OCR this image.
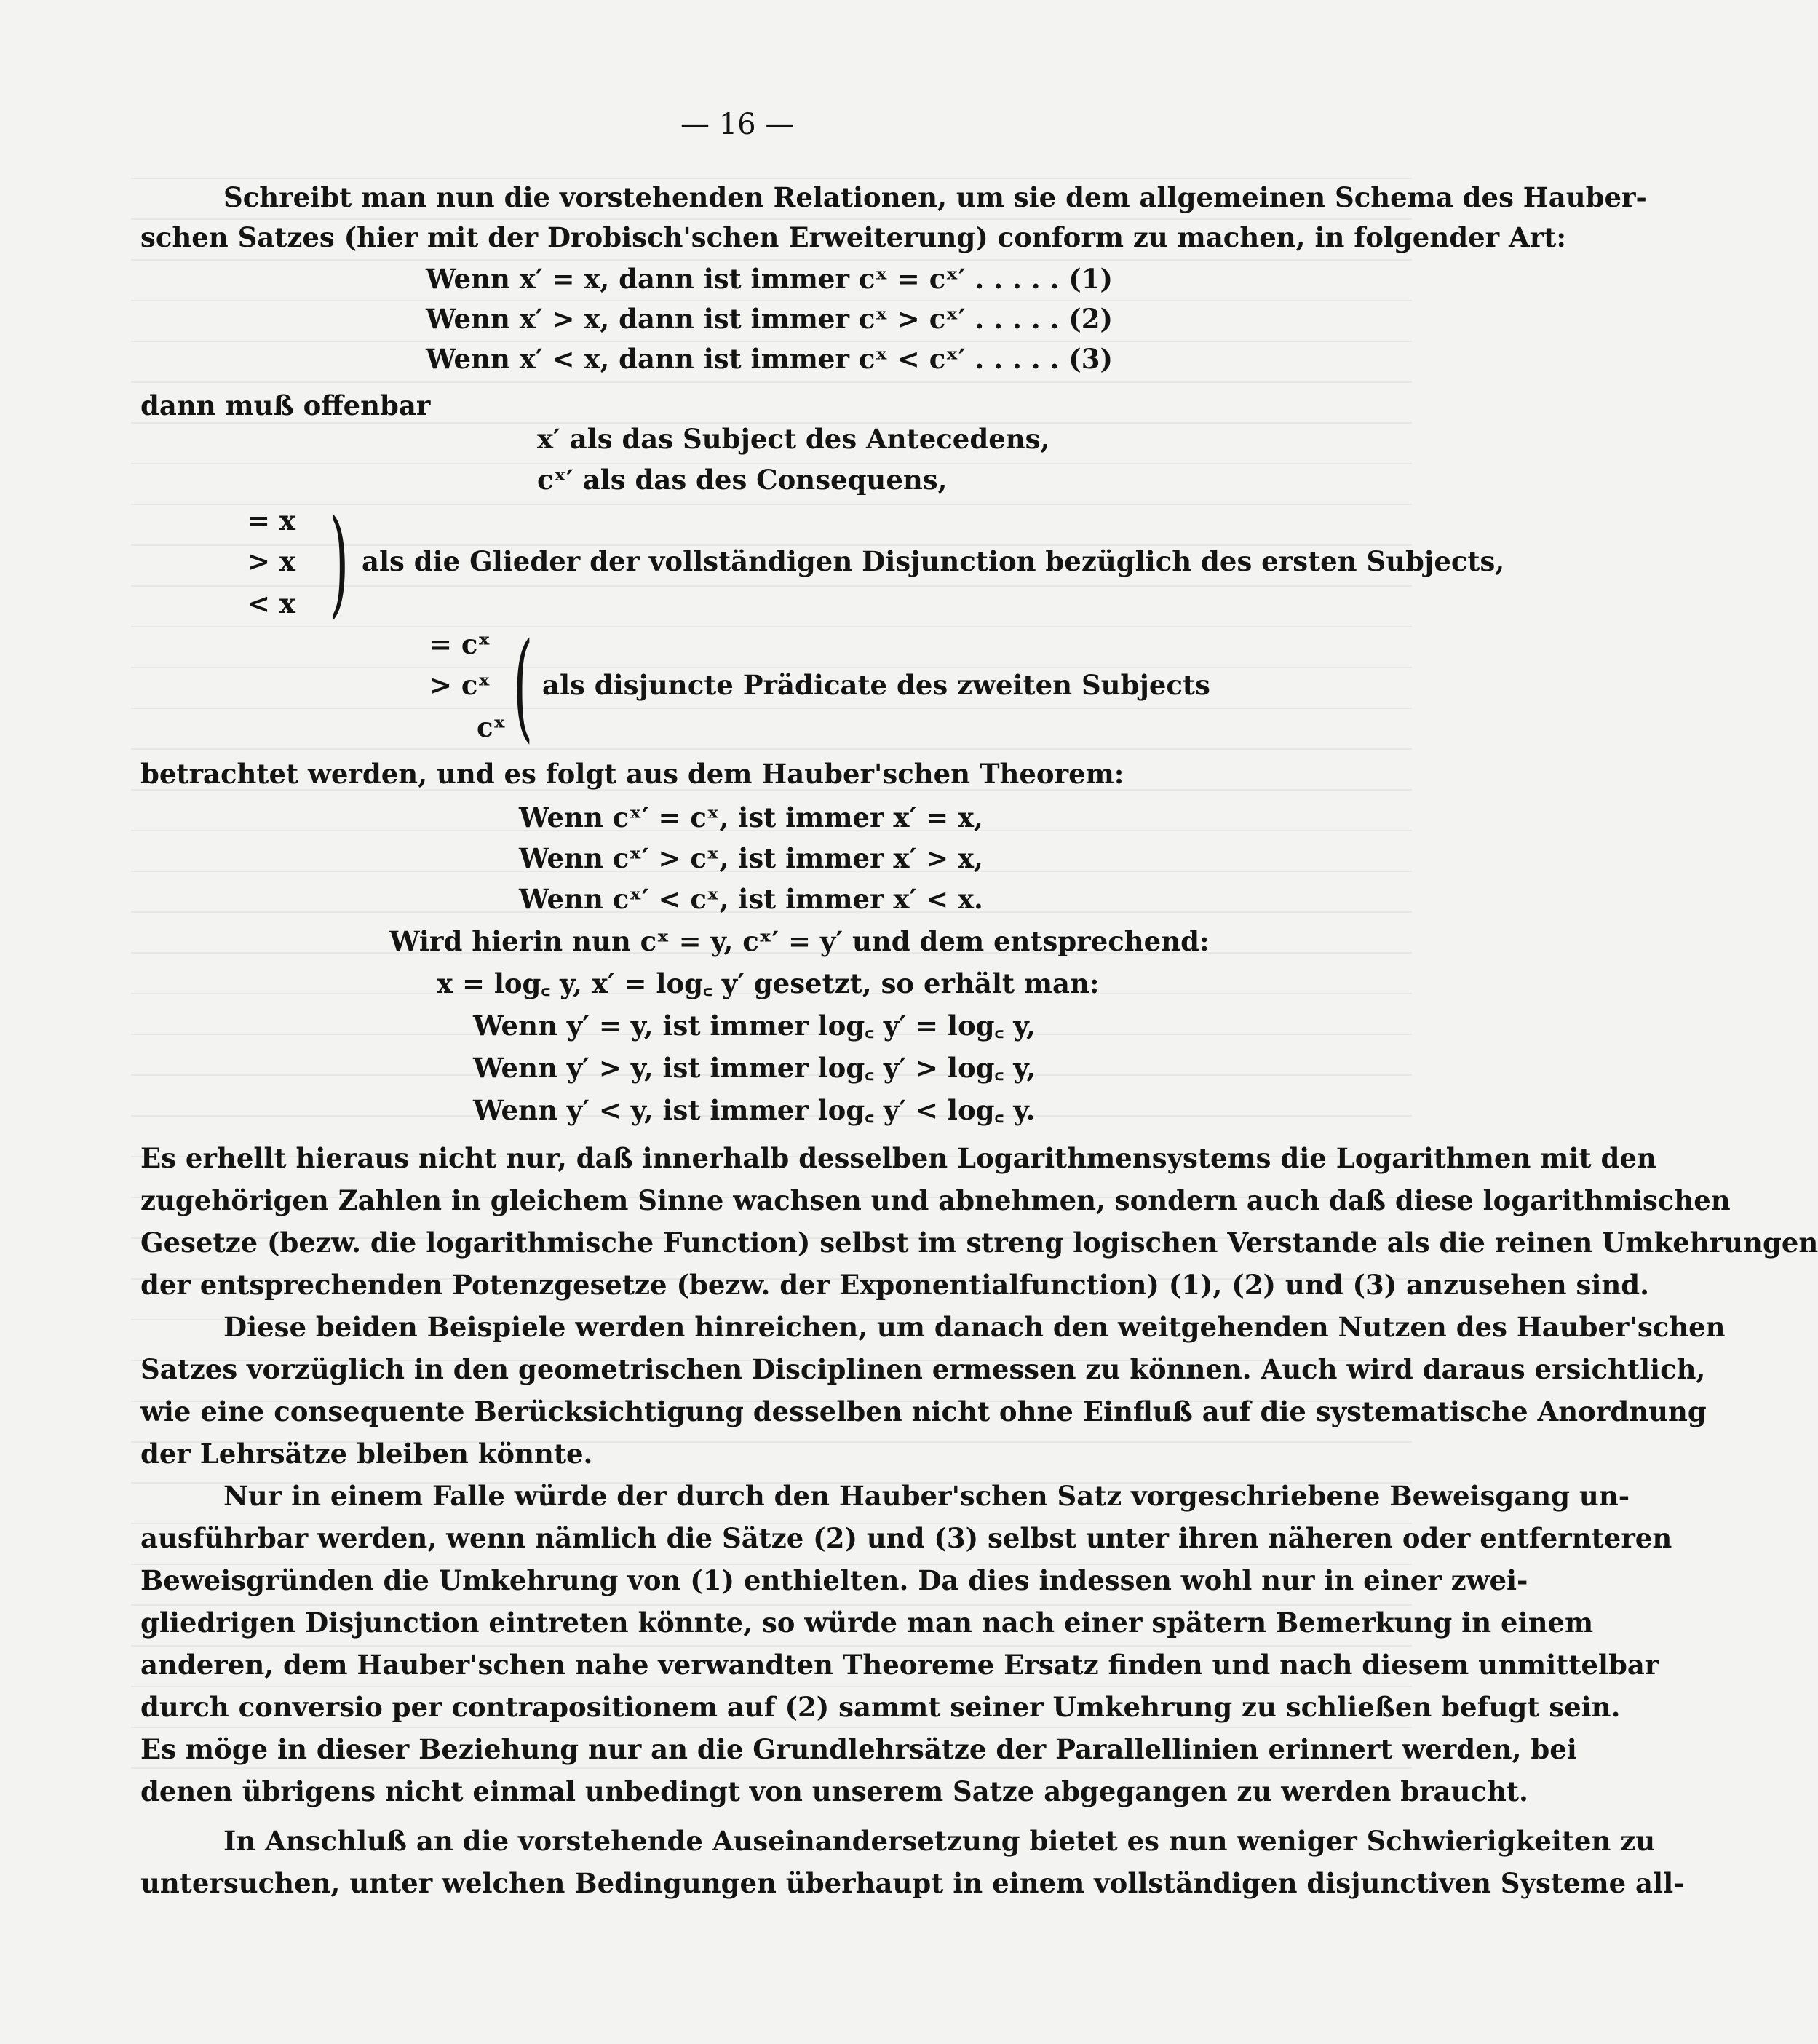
— 16 —
Schreibt man nun die vorstehenden Relationen, um sie dem allgemeinen Schema des Hauber-
schen Satzes (hier mit der Drobisch'schen Erweiterung) conform zu machen, in folgender Art:
Wenn x′ = x, dann ist immer cˣ = cˣ′ . . . . . (1)
Wenn x′ > x, dann ist immer cˣ > cˣ′ . . . . . (2)
Wenn x′ < x, dann ist immer cˣ < cˣ′ . . . . . (3)
dann muß offenbar
x′ als das Subject des Antecedens,
cˣ′ als das des Consequens,
= x
> x
< x ) als die Glieder der vollständigen Disjunction bezüglich des ersten Subjects,
= cˣ
> cˣ
cˣ ( als disjuncte Prädicate des zweiten Subjects
betrachtet werden, und es folgt aus dem Hauber'schen Theorem:
Wenn cˣ′ = cˣ, ist immer x′ = x,
Wenn cˣ′ > cˣ, ist immer x′ > x,
Wenn cˣ′ < cˣ, ist immer x′ < x.
Wird hierin nun cˣ = y, cˣ′ = y′ und dem entsprechend:
x = log꜀ y, x′ = log꜀ y′ gesetzt, so erhält man:
Wenn y′ = y, ist immer log꜀ y′ = log꜀ y,
Wenn y′ > y, ist immer log꜀ y′ > log꜀ y,
Wenn y′ < y, ist immer log꜀ y′ < log꜀ y.
Es erhellt hieraus nicht nur, daß innerhalb desselben Logarithmensystems die Logarithmen mit den
zugehörigen Zahlen in gleichem Sinne wachsen und abnehmen, sondern auch daß diese logarithmischen
Gesetze (bezw. die logarithmische Function) selbst im streng logischen Verstande als die reinen Umkehrungen
der entsprechenden Potenzgesetze (bezw. der Exponentialfunction) (1), (2) und (3) anzusehen sind.
Diese beiden Beispiele werden hinreichen, um danach den weitgehenden Nutzen des Hauber'schen
Satzes vorzüglich in den geometrischen Disciplinen ermessen zu können. Auch wird daraus ersichtlich,
wie eine consequente Berücksichtigung desselben nicht ohne Einfluß auf die systematische Anordnung
der Lehrsätze bleiben könnte.
Nur in einem Falle würde der durch den Hauber'schen Satz vorgeschriebene Beweisgang un-
ausführbar werden, wenn nämlich die Sätze (2) und (3) selbst unter ihren näheren oder entfernteren
Beweisgründen die Umkehrung von (1) enthielten. Da dies indessen wohl nur in einer zwei-
gliedrigen Disjunction eintreten könnte, so würde man nach einer spätern Bemerkung in einem
anderen, dem Hauber'schen nahe verwandten Theoreme Ersatz finden und nach diesem unmittelbar
durch conversio per contrapositionem auf (2) sammt seiner Umkehrung zu schließen befugt sein.
Es möge in dieser Beziehung nur an die Grundlehrsätze der Parallellinien erinnert werden, bei
denen übrigens nicht einmal unbedingt von unserem Satze abgegangen zu werden braucht.
In Anschluß an die vorstehende Auseinandersetzung bietet es nun weniger Schwierigkeiten zu
untersuchen, unter welchen Bedingungen überhaupt in einem vollständigen disjunctiven Systeme all-
